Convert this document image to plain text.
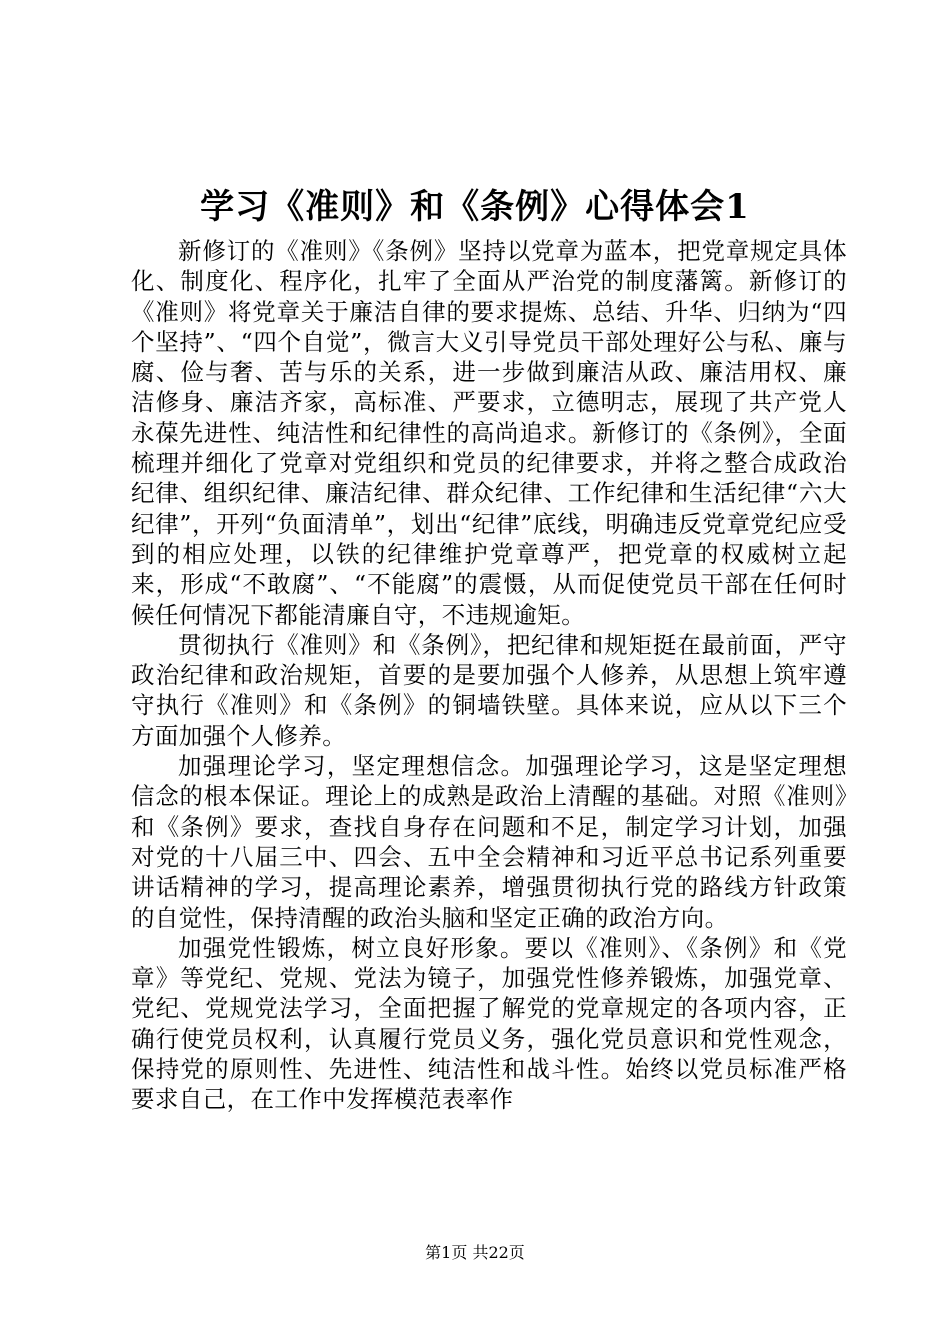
学习《准则》和《条例》心得体会1

新修订的《准则》《条例》坚持以党章为蓝本，把党章规定具体化、制度化、程序化，扎牢了全面从严治党的制度藩篱。新修订的《准则》将党章关于廉洁自律的要求提炼、总结、升华、归纳为“四个坚持”、“四个自觉”，微言大义引导党员干部处理好公与私、廉与腐、俭与奢、苦与乐的关系，进一步做到廉洁从政、廉洁用权、廉洁修身、廉洁齐家，高标准、严要求，立德明志，展现了共产党人永葆先进性、纯洁性和纪律性的高尚追求。新修订的《条例》，全面梳理并细化了党章对党组织和党员的纪律要求，并将之整合成政治纪律、组织纪律、廉洁纪律、群众纪律、工作纪律和生活纪律“六大纪律”，开列“负面清单”，划出“纪律”底线，明确违反党章党纪应受到的相应处理，以铁的纪律维护党章尊严，把党章的权威树立起来，形成“不敢腐”、“不能腐”的震慑，从而促使党员干部在任何时候任何情况下都能清廉自守，不违规逾矩。

贯彻执行《准则》和《条例》，把纪律和规矩挺在最前面，严守政治纪律和政治规矩，首要的是要加强个人修养，从思想上筑牢遵守执行《准则》和《条例》的铜墙铁壁。具体来说，应从以下三个方面加强个人修养。

加强理论学习，坚定理想信念。加强理论学习，这是坚定理想信念的根本保证。理论上的成熟是政治上清醒的基础。对照《准则》和《条例》要求，查找自身存在问题和不足，制定学习计划，加强对党的十八届三中、四会、五中全会精神和习近平总书记系列重要讲话精神的学习，提高理论素养，增强贯彻执行党的路线方针政策的自觉性，保持清醒的政治头脑和坚定正确的政治方向。

加强党性锻炼，树立良好形象。要以《准则》、《条例》和《党章》等党纪、党规、党法为镜子，加强党性修养锻炼，加强党章、党纪、党规党法学习，全面把握了解党的党章规定的各项内容，正确行使党员权利，认真履行党员义务，强化党员意识和党性观念，保持党的原则性、先进性、纯洁性和战斗性。始终以党员标准严格要求自己，在工作中发挥模范表率作

第1页 共22页
